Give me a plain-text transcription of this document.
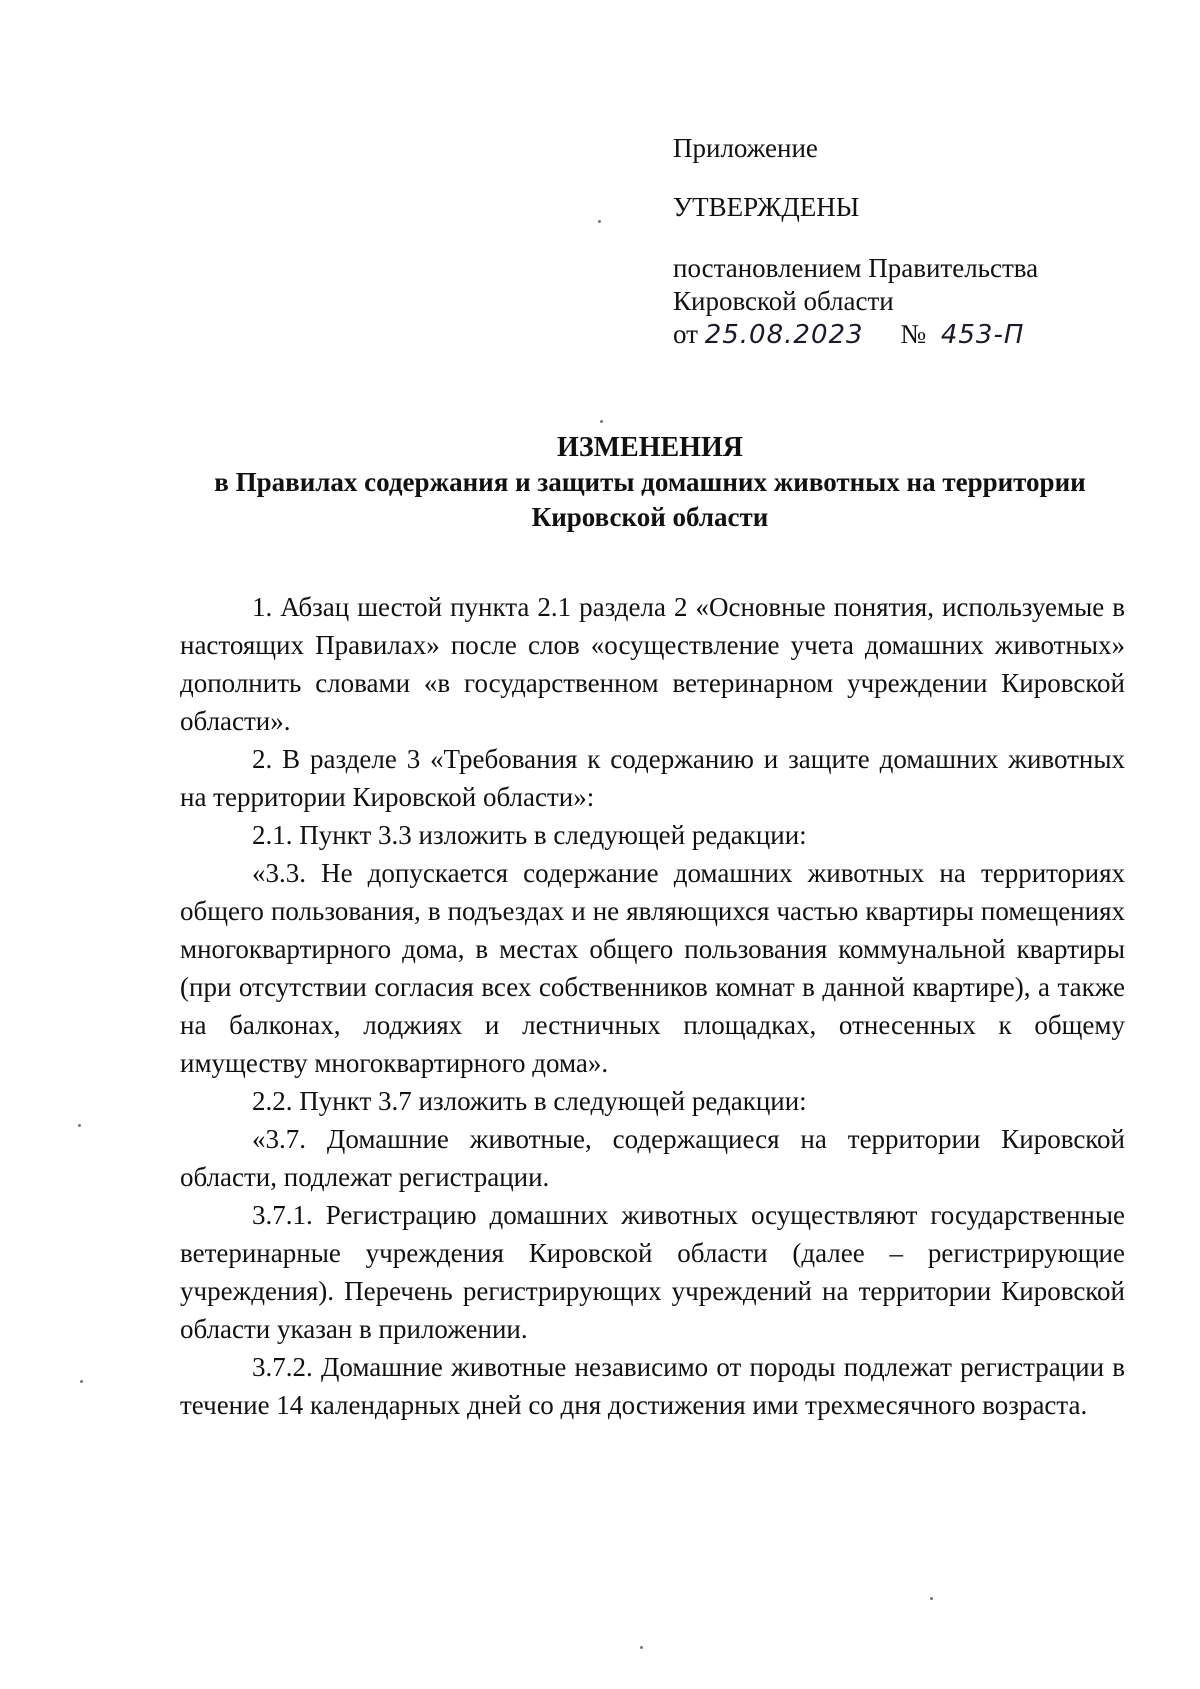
Приложение
УТВЕРЖДЕНЫ
постановлением Правительства
Кировской области
от 25.08.2023 № 453-П
ИЗМЕНЕНИЯ
в Правилах содержания и защиты домашних животных на территории
Кировской области

1. Абзац шестой пункта 2.1 раздела 2 «Основные понятия, используемые в настоящих Правилах» после слов «осуществление учета домашних животных» дополнить словами «в государственном ветеринарном учреждении Кировской области».

2. В разделе 3 «Требования к содержанию и защите домашних животных на территории Кировской области»:

2.1. Пункт 3.3 изложить в следующей редакции:

«3.3. Не допускается содержание домашних животных на территориях общего пользования, в подъездах и не являющихся частью квартиры помещениях многоквартирного дома, в местах общего пользования коммунальной квартиры (при отсутствии согласия всех собственников комнат в данной квартире), а также на балконах, лоджиях и лестничных площадках, отнесенных к общему имуществу многоквартирного дома».

2.2. Пункт 3.7 изложить в следующей редакции:

«3.7. Домашние животные, содержащиеся на территории Кировской области, подлежат регистрации.

3.7.1. Регистрацию домашних животных осуществляют государственные ветеринарные учреждения Кировской области (далее – регистрирующие учреждения). Перечень регистрирующих учреждений на территории Кировской области указан в приложении.

3.7.2. Домашние животные независимо от породы подлежат регистрации в течение 14 календарных дней со дня достижения ими трехмесячного возраста.
